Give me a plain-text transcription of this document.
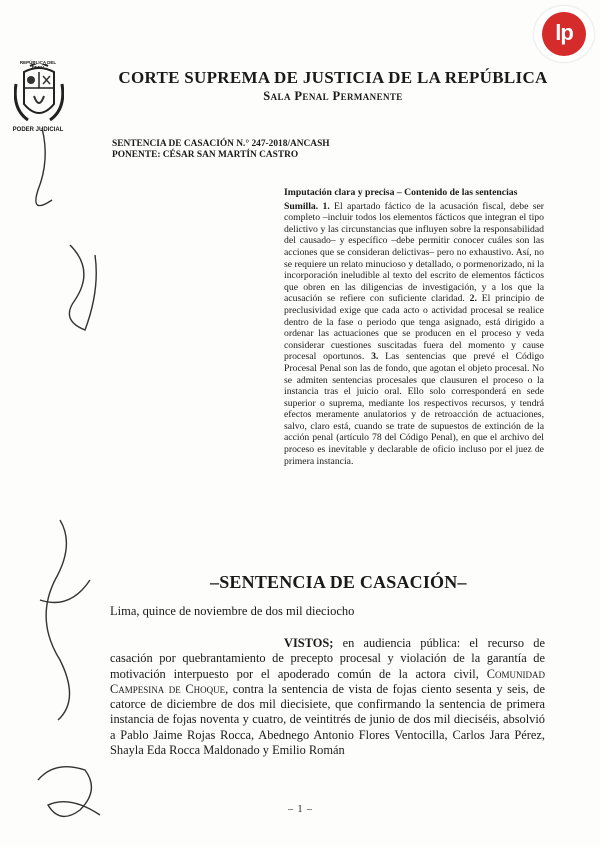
lp
REPÚBLICA DEL PERÚ
PODER JUDICIAL
CORTE SUPREMA DE JUSTICIA DE LA REPÚBLICA
Sala Penal Permanente
SENTENCIA DE CASACIÓN N.° 247-2018/ANCASH
PONENTE: CÉSAR SAN MARTÍN CASTRO
Imputación clara y precisa – Contenido de las sentencias
Sumilla. 1. El apartado fáctico de la acusación fiscal, debe ser completo –incluir todos los elementos fácticos que integran el tipo delictivo y las circunstancias que influyen sobre la responsabilidad del causado– y específico –debe permitir conocer cuáles son las acciones que se consideran delictivas– pero no exhaustivo. Así, no se requiere un relato minucioso y detallado, o pormenorizado, ni la incorporación ineludible al texto del escrito de elementos fácticos que obren en las diligencias de investigación, y a los que la acusación se refiere con suficiente claridad. 2. El principio de preclusividad exige que cada acto o actividad procesal se realice dentro de la fase o periodo que tenga asignado, está dirigido a ordenar las actuaciones que se producen en el proceso y veda considerar cuestiones suscitadas fuera del momento y cause procesal oportunos. 3. Las sentencias que prevé el Código Procesal Penal son las de fondo, que agotan el objeto procesal. No se admiten sentencias procesales que clausuren el proceso o la instancia tras el juicio oral. Ello solo corresponderá en sede superior o suprema, mediante los respectivos recursos, y tendrá efectos meramente anulatorios y de retroacción de actuaciones, salvo, claro está, cuando se trate de supuestos de extinción de la acción penal (artículo 78 del Código Penal), en que el archivo del proceso es inevitable y declarable de oficio incluso por el juez de primera instancia.
–SENTENCIA DE CASACIÓN–
Lima, quince de noviembre de dos mil dieciocho
VISTOS; en audiencia pública: el recurso de casación por quebrantamiento de precepto procesal y violación de la garantía de motivación interpuesto por el apoderado común de la actora civil, Comunidad Campesina de Choque, contra la sentencia de vista de fojas ciento sesenta y seis, de catorce de diciembre de dos mil diecisiete, que confirmando la sentencia de primera instancia de fojas noventa y cuatro, de veintitrés de junio de dos mil dieciséis, absolvió a Pablo Jaime Rojas Rocca, Abednego Antonio Flores Ventocilla, Carlos Jara Pérez, Shayla Eda Rocca Maldonado y Emilio Román
– 1 –
